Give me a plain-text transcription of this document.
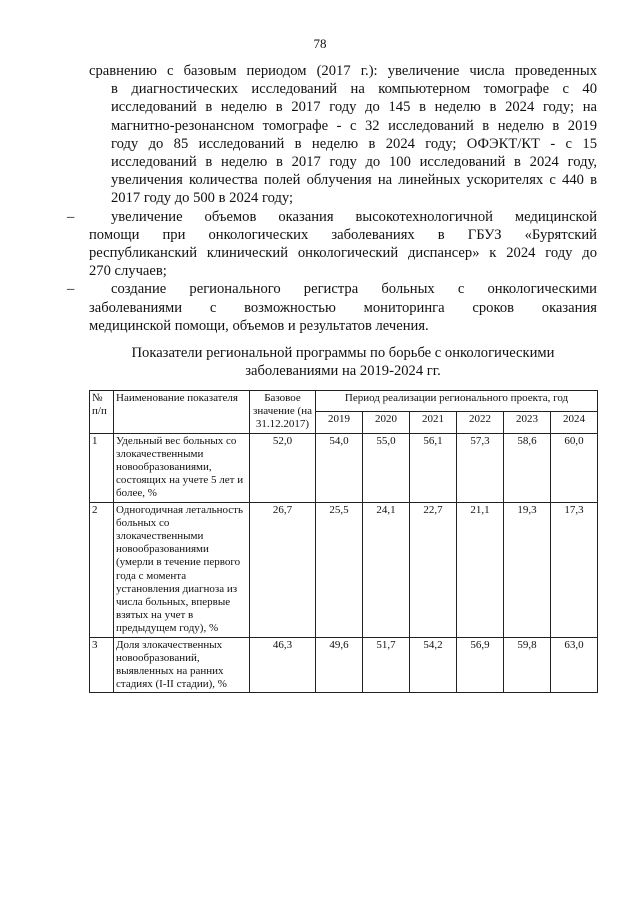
78

сравнению с базовым периодом (2017 г.): увеличение числа проведенных

в диагностических исследований на компьютерном томографе с 40

исследований в неделю в 2017 году до 145 в неделю в 2024 году; на

магнитно-резонансном томографе - с 32 исследований в неделю в 2019

году до 85 исследований в неделю в 2024 году; ОФЭКТ/КТ - с 15

исследований в неделю в 2017 году до 100 исследований в 2024 году,

увеличения количества полей облучения на линейных ускорителях с 440 в

2017 году до 500 в 2024 году;

–	увеличение объемов оказания высокотехнологичной медицинской

помощи при онкологических заболеваниях в ГБУЗ «Бурятский

республиканский клинический онкологический диспансер» к 2024 году до

270 случаев;

–	создание регионального регистра больных с онкологическими

заболеваниями с возможностью мониторинга сроков оказания

медицинской помощи, объемов и результатов лечения.

Показатели региональной программы по борьбе с онкологическими
заболеваниями на 2019-2024 гг.
№ п/п	Наименование показателя	Базовое значение (на 31.12.2017)	Период реализации регионального проекта, год					
			2019	2020	2021	2022	2023	2024
1	Удельный вес больных со злокачественными новообразованиями, состоящих на учете 5 лет и более, %	52,0	54,0	55,0	56,1	57,3	58,6	60,0
2	Одногодичная летальность больных со злокачественными новообразованиями (умерли в течение первого года с момента установления диагноза из числа больных, впервые взятых на учет в предыдущем году), %	26,7	25,5	24,1	22,7	21,1	19,3	17,3
3	Доля злокачественных новообразований, выявленных на ранних стадиях (I-II стадии), %	46,3	49,6	51,7	54,2	56,9	59,8	63,0
